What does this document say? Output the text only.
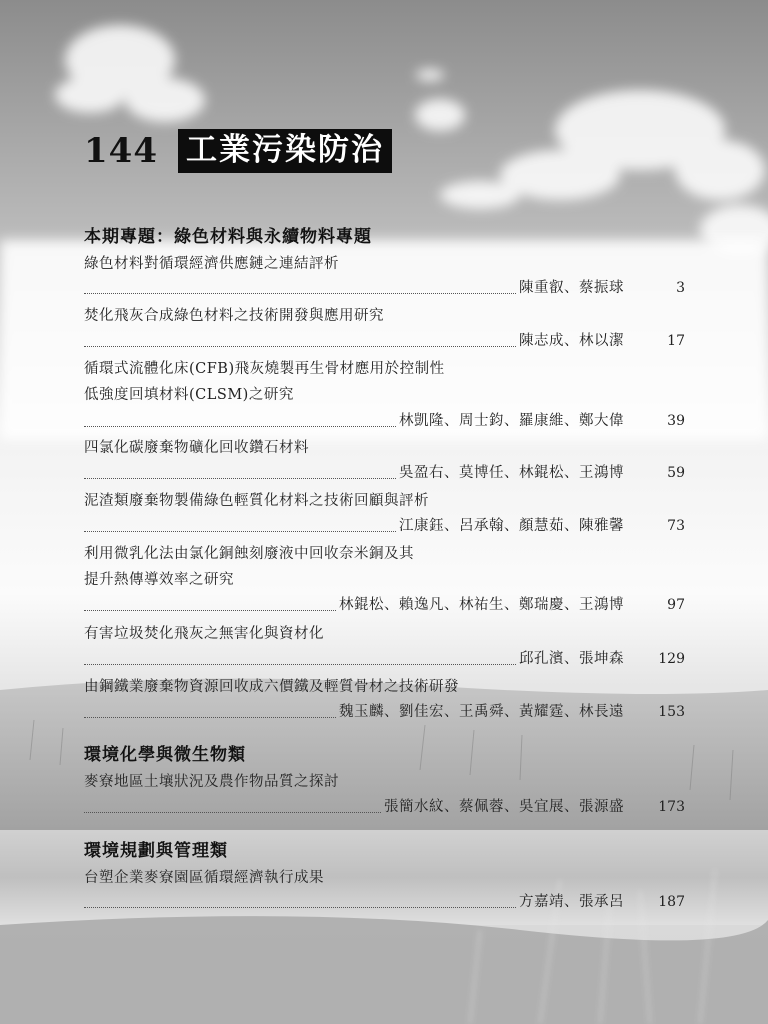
144 工業污染防治
本期專題：綠色材料與永續物料專題
綠色材料對循環經濟供應鏈之連結評析
陳重叡、蔡振球	3
焚化飛灰合成綠色材料之技術開發與應用研究
陳志成、林以潔	17
循環式流體化床(CFB)飛灰燒製再生骨材應用於控制性
低強度回填材料(CLSM)之研究
林凱隆、周士鈞、羅康維、鄭大偉	39
四氯化碳廢棄物礦化回收鑽石材料
吳盈右、莫博任、林錕松、王鴻博	59
泥渣類廢棄物製備綠色輕質化材料之技術回顧與評析
江康鈺、呂承翰、顏慧茹、陳雅馨	73
利用微乳化法由氯化銅蝕刻廢液中回收奈米銅及其
提升熱傳導效率之研究
林錕松、賴逸凡、林祐生、鄭瑞慶、王鴻博	97
有害垃圾焚化飛灰之無害化與資材化
邱孔濱、張坤森	129
由鋼鐵業廢棄物資源回收成六價鐵及輕質骨材之技術研發
魏玉麟、劉佳宏、王禹舜、黃耀霆、林長遠	153
環境化學與微生物類
麥寮地區土壤狀況及農作物品質之探討
張簡水紋、蔡佩蓉、吳宜展、張源盛	173
環境規劃與管理類
台塑企業麥寮園區循環經濟執行成果
方嘉靖、張承呂	187
